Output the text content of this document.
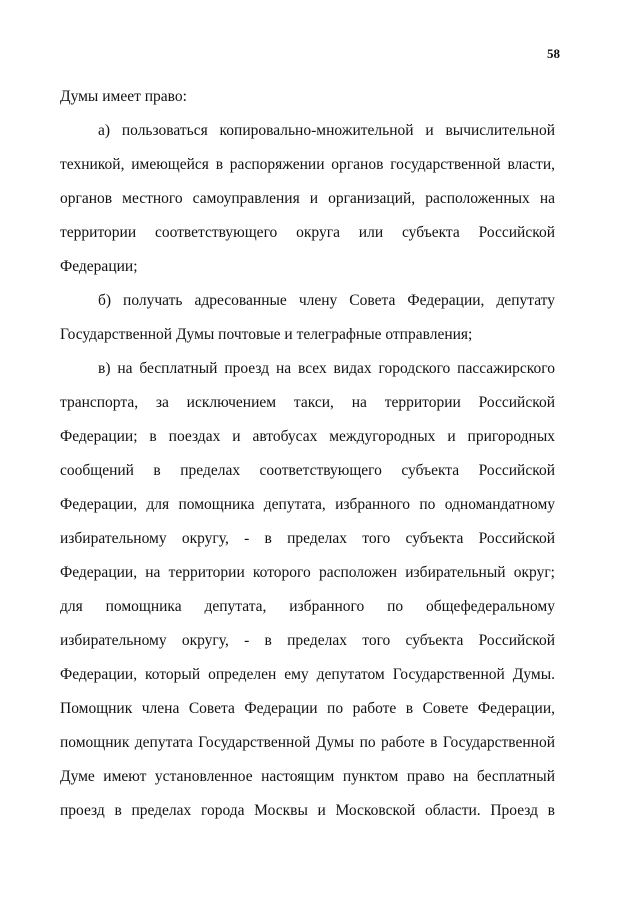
58
Думы имеет право:
а) пользоваться копировально-множительной и вычислительной
техникой, имеющейся в распоряжении органов государственной власти,
органов местного самоуправления и организаций, расположенных на
территории соответствующего округа или субъекта Российской
Федерации;
б) получать адресованные члену Совета Федерации, депутату
Государственной Думы почтовые и телеграфные отправления;
в) на бесплатный проезд на всех видах городского пассажирского
транспорта, за исключением такси, на территории Российской
Федерации; в поездах и автобусах междугородных и пригородных
сообщений в пределах соответствующего субъекта Российской
Федерации, для помощника депутата, избранного по одномандатному
избирательному округу, - в пределах того субъекта Российской
Федерации, на территории которого расположен избирательный округ;
для помощника депутата, избранного по общефедеральному
избирательному округу, - в пределах того субъекта Российской
Федерации, который определен ему депутатом Государственной Думы.
Помощник члена Совета Федерации по работе в Совете Федерации,
помощник депутата Государственной Думы по работе в Государственной
Думе имеют установленное настоящим пунктом право на бесплатный
проезд в пределах города Москвы и Московской области. Проезд в
